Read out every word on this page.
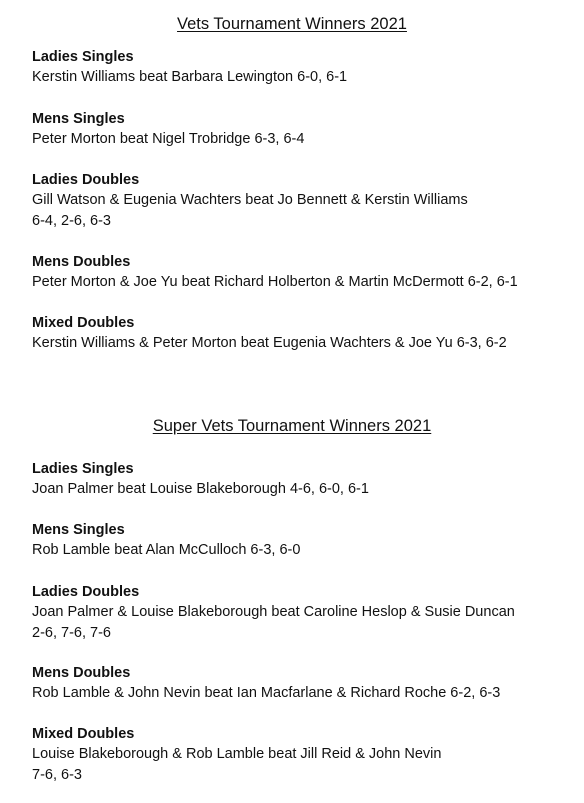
Vets Tournament Winners 2021
Ladies Singles
Kerstin Williams beat Barbara Lewington 6-0, 6-1
Mens Singles
Peter Morton beat Nigel Trobridge 6-3, 6-4
Ladies Doubles
Gill Watson & Eugenia Wachters beat Jo Bennett & Kerstin Williams
6-4, 2-6, 6-3
Mens Doubles
Peter Morton & Joe Yu beat Richard Holberton & Martin McDermott 6-2, 6-1
Mixed Doubles
Kerstin Williams & Peter Morton beat Eugenia Wachters & Joe Yu 6-3, 6-2
Super Vets Tournament Winners 2021
Ladies Singles
Joan Palmer beat Louise Blakeborough 4-6, 6-0, 6-1
Mens Singles
Rob Lamble beat Alan McCulloch 6-3, 6-0
Ladies Doubles
Joan Palmer & Louise Blakeborough beat Caroline Heslop & Susie Duncan
2-6, 7-6, 7-6
Mens Doubles
Rob Lamble & John Nevin beat Ian Macfarlane & Richard Roche 6-2, 6-3
Mixed Doubles
Louise Blakeborough & Rob Lamble beat Jill Reid & John Nevin
7-6, 6-3
